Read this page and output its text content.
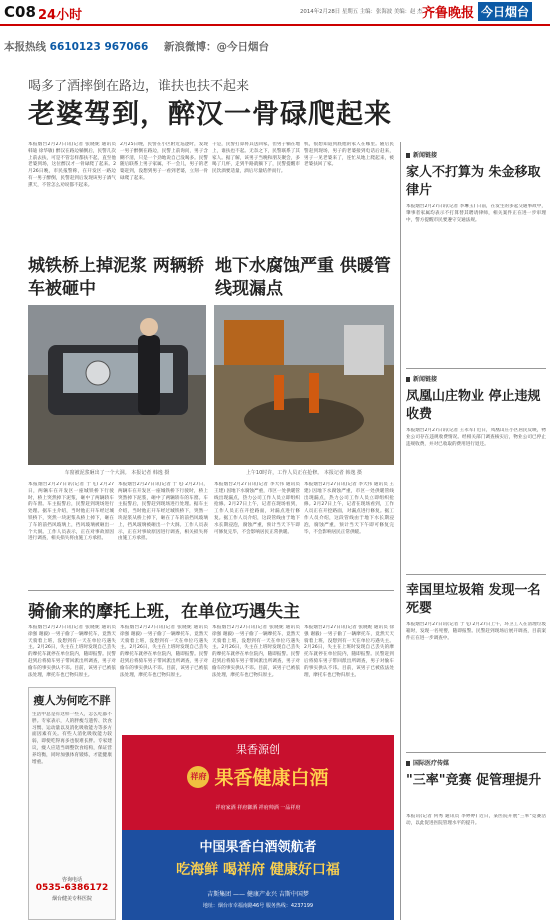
C08 24小时	2014年2月28日 星期五 主编：张海波 美编：赵 杰 齐鲁晚报 今日烟台
本报热线 6610123 967066 新浪微博：@今日烟台
喝多了酒摔倒在路边，谁扶也扶不起来
老婆驾到，醉汉一骨碌爬起来
本报烟台2月27日讯(记者 张晓妮 通讯员 韩迪 徐华敏) 醉汉在路边躺倒后，民警几次上前去扶，可是不管怎样都扶不起，直至他老婆到场，这位醉汉才一骨碌爬了起来。2月26日晚，市民报警称，在开发区一路边有一男子醉倒，民警赶到后发现该男子酒气熏天，不管怎么劝说都不起来。
2月25日晚，民警在小区附近巡逻时，发现一男子醉倒在路边，民警上前询问，男子含糊不清，只是一个劲地说自己没喝多。民警随后联系上男子家属，不一会儿，男子的老婆赶到，没想到男子一看到老婆，立刻一骨碌爬了起来。
干是，民警打算将其送回家，但男子躺在地上，谁扶也不起。无奈之下，民警联系了其家人。据了解，该男子当晚和朋友聚会，多喝了几杯，走到半路就躺下了，民警提醒市民饮酒要适量，酒后尽量结伴而行。
机，很想知道到底他的家人在哪里。随后民警赶到现场，男子的老婆接到电话后赶来，男子一见老婆来了，连忙从地上爬起来，被老婆扶回了家。
城铁桥上掉泥浆 两辆轿车被砸中
车窗被泥浆砸出了一个大洞。 本报记者 韩逸 摄
本报烟台2月27日讯(记者 于飞) 2月27日，两辆车在开发区一座城铁桥下行驶时，桥上突然掉下泥浆，砸中了两辆轿车的车窗。车主报警后，民警赶到现场进行处理。据车主介绍，当时他正开车经过城铁桥下，突然一块泥浆从桥上掉下，砸在了车的前挡风玻璃上，挡风玻璃被砸出一个大洞。工作人员表示，正在对事故原因进行调查，相关损失将由施工方承担。
本报烟台2月27日讯(记者 于飞) 2月27日，两辆车在开发区一座城铁桥下行驶时，桥上突然掉下泥浆，砸中了两辆轿车的车窗。车主报警后，民警赶到现场进行处理。据车主介绍，当时他正开车经过城铁桥下，突然一块泥浆从桥上掉下，砸在了车的前挡风玻璃上，挡风玻璃被砸出一个大洞。工作人员表示，正在对事故原因进行调查，相关损失将由施工方承担。
地下水腐蚀严重 供暖管线现漏点
上午10时许，工作人员正在抢修。 本报记者 韩逸 摄
本报烟台2月27日讯(记者 李大伟 通讯员 王建) 因地下水腐蚀严重，市区一处供暖管线出现漏点，热力公司工作人员立即组织抢修。2月27日上午，记者在现场看到，工作人员正在开挖路面，对漏点进行修复。据工作人员介绍，这段管线由于地下水长期浸泡，腐蚀严重，预计当天下午即可修复完毕，不会影响居民正常供暖。
本报烟台2月27日讯(记者 李大伟 通讯员 王建) 因地下水腐蚀严重，市区一处供暖管线出现漏点，热力公司工作人员立即组织抢修。2月27日上午，记者在现场看到，工作人员正在开挖路面，对漏点进行修复。据工作人员介绍，这段管线由于地下水长期浸泡，腐蚀严重，预计当天下午即可修复完毕，不会影响居民正常供暖。
骑偷来的摩托上班，在单位巧遇失主
本报烟台2月27日讯(记者 张晓妮 通讯员 徐强 谢毅) 一男子偷了一辆摩托车，竟然天天骑着上班，没想到有一天在单位巧遇失主。2月26日，失主在上班时发现自己丢失的摩托车就停在单位院内，随即报警。民警赶到后将骑车男子带回派出所调查，男子对偷车的事实供认不讳。目前，该男子已被依法处理，摩托车也已物归原主。
本报烟台2月27日讯(记者 张晓妮 通讯员 徐强 谢毅) 一男子偷了一辆摩托车，竟然天天骑着上班，没想到有一天在单位巧遇失主。2月26日，失主在上班时发现自己丢失的摩托车就停在单位院内，随即报警。民警赶到后将骑车男子带回派出所调查，男子对偷车的事实供认不讳。目前，该男子已被依法处理，摩托车也已物归原主。
本报烟台2月27日讯(记者 张晓妮 通讯员 徐强 谢毅) 一男子偷了一辆摩托车，竟然天天骑着上班，没想到有一天在单位巧遇失主。2月26日，失主在上班时发现自己丢失的摩托车就停在单位院内，随即报警。民警赶到后将骑车男子带回派出所调查，男子对偷车的事实供认不讳。目前，该男子已被依法处理，摩托车也已物归原主。
本报烟台2月27日讯(记者 张晓妮 通讯员 徐强 谢毅) 一男子偷了一辆摩托车，竟然天天骑着上班，没想到有一天在单位巧遇失主。2月26日，失主在上班时发现自己丢失的摩托车就停在单位院内，随即报警。民警赶到后将骑车男子带回派出所调查，男子对偷车的事实供认不讳。目前，该男子已被依法处理，摩托车也已物归原主。
瘦人为何吃不胖
生活中总是有这样一些人，怎么吃都不胖。专家表示，人的胖瘦与遗传、饮食习惯、运动量以及消化吸收能力等多方面因素有关。有些人消化吸收能力较弱，即使吃得再多也很难长胖。专家建议，瘦人应适当调整饮食结构，保证营养均衡，同时加强体育锻炼，才能健康增重。
咨询电话
0535-6386172
烟台健美专科医院
果香源创
祥府 果香健康白酒
祥府家酒 祥府御酒 祥府帅酒 一品祥府
中国果香白酒领航者
吃海鲜 喝祥府 健康好口福
吉斯集团 —— 健康产业兴 吉斯中国梦
地址：烟台市幸福南路46号 服务热线：4237199
新闻链接
家人不打算为 朱金移取律片
本报烟台2月27日讯(记者 李琳玉) 日前，在发生的多起交通事故中，肇事者家属均表示不打算替其聘请律师，相关案件正在进一步审理中，警方提醒市民要遵守交通法规。
新闻链接
凤凰山庄物业 停止违规收费
本报烟台2月27日讯(记者 王永军) 近日，凤凰山庄小区居民反映，物业公司存在违规收费情况。经相关部门调查核实后，物业公司已停止违规收费，并对已收取的费用进行退还。
幸国里垃圾箱 发现一名死婴
本报烟台2月27日讯(记者 于飞) 2月27日上午，环卫工人在清理垃圾箱时，发现一名死婴，随即报警。民警赶到现场后展开调查，目前案件正在进一步调查中。
国际医疗传媒
"三率"竞赛 促管理提升
本报讯(记者 何秀 通讯员 李婷婷) 近日，某医院开展"三率"竞赛活动，以此促进医院管理水平的提升。
